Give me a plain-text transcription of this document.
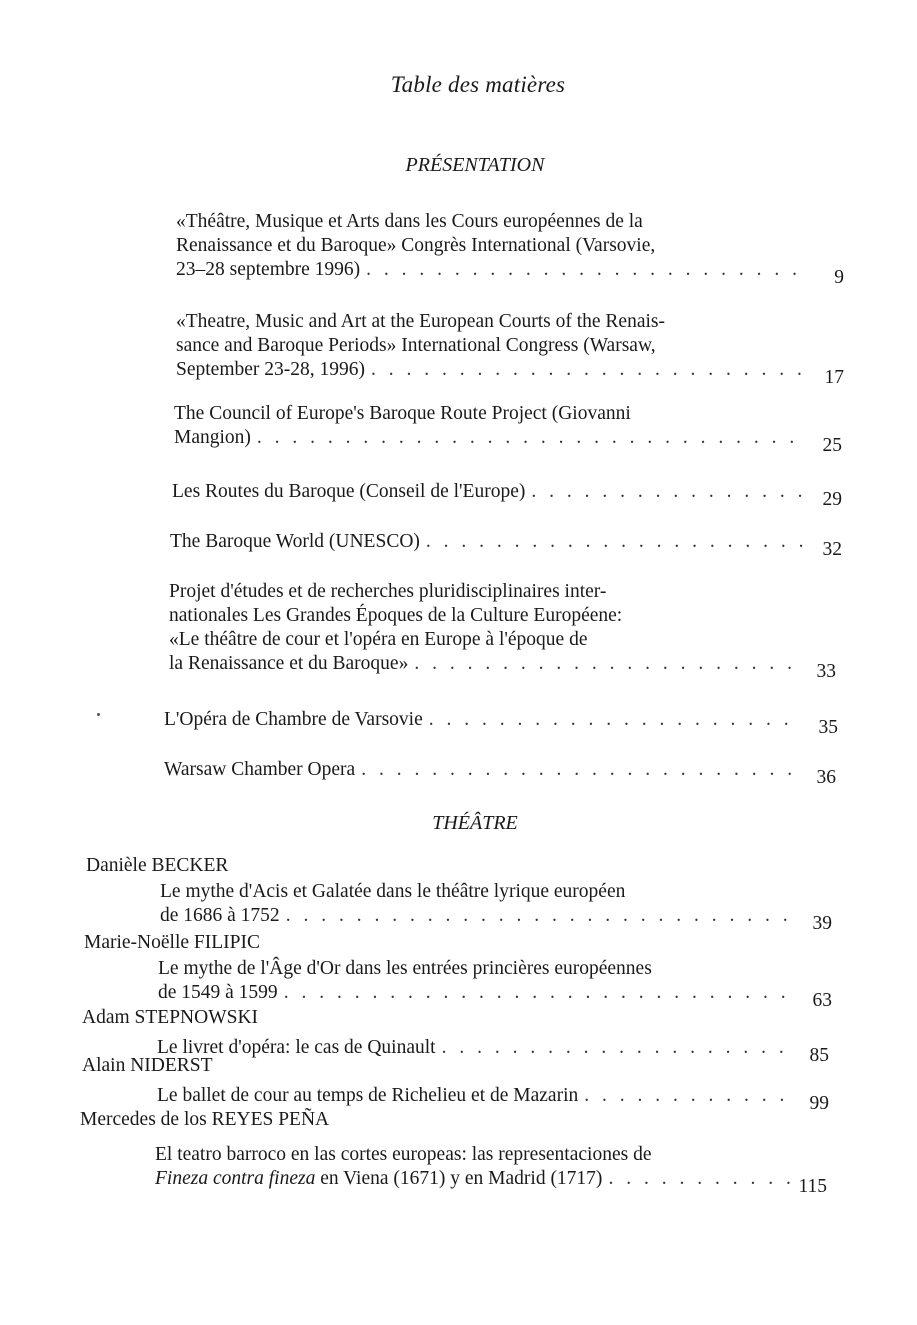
Table des matières
PRÉSENTATION
«Théâtre, Musique et Arts dans les Cours européennes de la
Renaissance et du Baroque» Congrès International (Varsovie,
23–28 septembre 1996) . . .	9
«Theatre, Music and Art at the European Courts of the Renais-
sance and Baroque Periods» International Congress (Warsaw,
September 23-28, 1996) . . .	17
The Council of Europe's Baroque Route Project (Giovanni
Mangion) . . .	25
Les Routes du Baroque (Conseil de l'Europe) . . .	29
The Baroque World (UNESCO) . . .	32
Projet d'études et de recherches pluridisciplinaires inter-
nationales Les Grandes Époques de la Culture Européene:
«Le théâtre de cour et l'opéra en Europe à l'époque de
la Renaissance et du Baroque» . . .	33
L'Opéra de Chambre de Varsovie . . .	35
Warsaw Chamber Opera . . .	36
THÉÂTRE
Danièle BECKER
Le mythe d'Acis et Galatée dans le théâtre lyrique européen
de 1686 à 1752 . . .	39
Marie-Noëlle FILIPIC
Le mythe de l'Âge d'Or dans les entrées princières européennes
de 1549 à 1599 . . .	63
Adam STEPNOWSKI
Le livret d'opéra: le cas de Quinault . . .	85
Alain NIDERST
Le ballet de cour au temps de Richelieu et de Mazarin . . .	99
Mercedes de los REYES PEÑA
El teatro barroco en las cortes europeas: las representaciones de
Fineza contra fineza en Viena (1671) y en Madrid (1717) . . .	115
